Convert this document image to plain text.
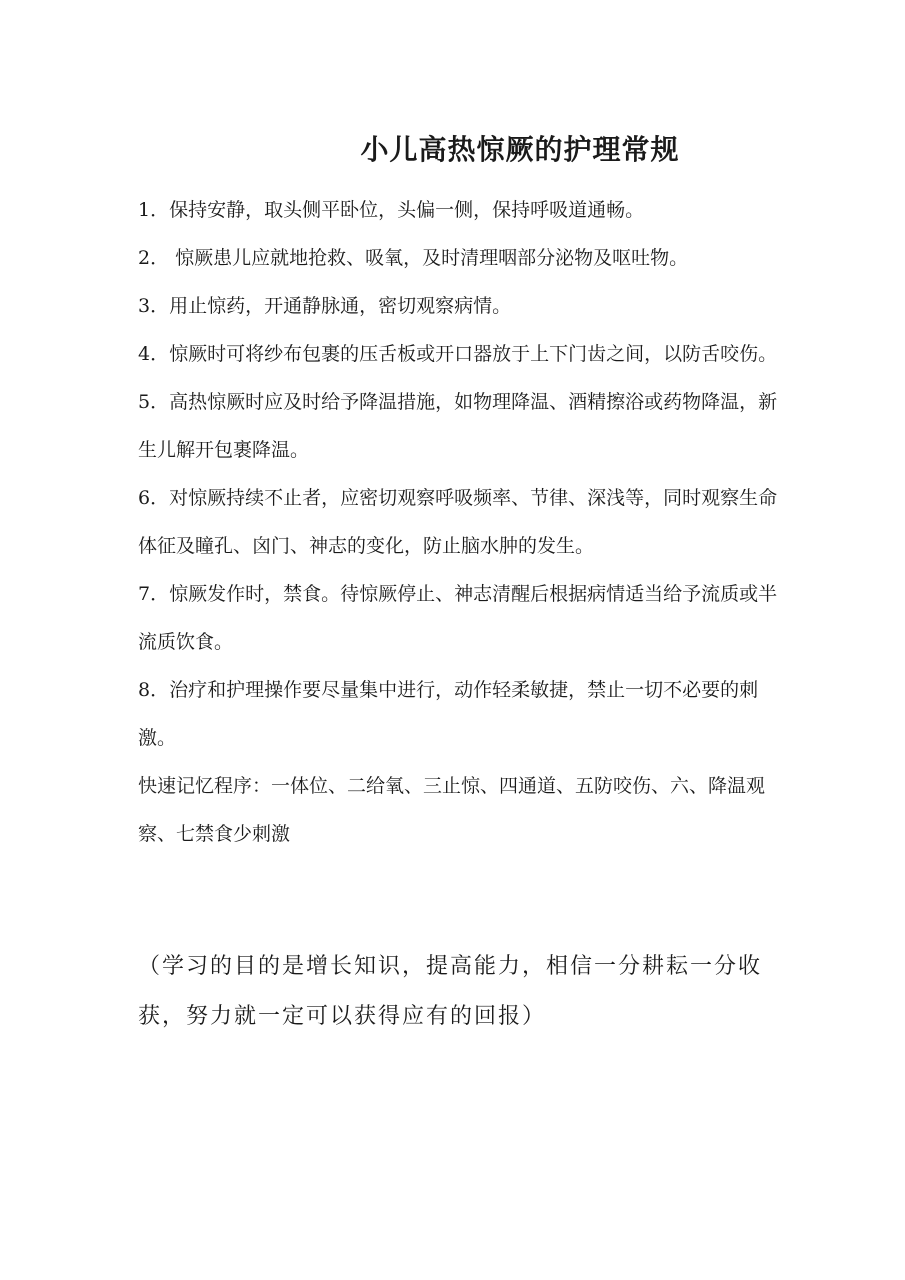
小儿高热惊厥的护理常规
1．保持安静，取头侧平卧位，头偏一侧，保持呼吸道通畅。
2． 惊厥患儿应就地抢救、吸氧，及时清理咽部分泌物及呕吐物。
3．用止惊药，开通静脉通，密切观察病情。
4．惊厥时可将纱布包裹的压舌板或开口器放于上下门齿之间，以防舌咬伤。
5．高热惊厥时应及时给予降温措施，如物理降温、酒精擦浴或药物降温，新生儿解开包裹降温。
6．对惊厥持续不止者，应密切观察呼吸频率、节律、深浅等，同时观察生命体征及瞳孔、囟门、神志的变化，防止脑水肿的发生。
7．惊厥发作时，禁食。待惊厥停止、神志清醒后根据病情适当给予流质或半流质饮食。
8．治疗和护理操作要尽量集中进行，动作轻柔敏捷，禁止一切不必要的刺激。
快速记忆程序：一体位、二给氧、三止惊、四通道、五防咬伤、六、降温观察、七禁食少刺激

（学习的目的是增长知识，提高能力，相信一分耕耘一分收获，努力就一定可以获得应有的回报）
